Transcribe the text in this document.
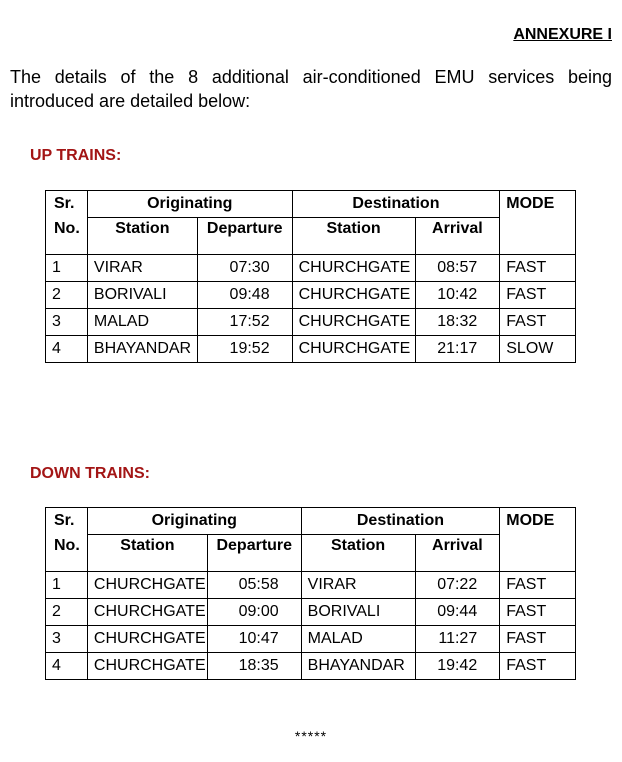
ANNEXURE I
The details of the 8 additional air-conditioned EMU services being introduced are detailed below:
UP TRAINS:
Sr.	Originating		Destination		MODE
No.	Station	Departure	Station	Arrival	
1	VIRAR	07:30	CHURCHGATE	08:57	FAST
2	BORIVALI	09:48	CHURCHGATE	10:42	FAST
3	MALAD	17:52	CHURCHGATE	18:32	FAST
4	BHAYANDAR	19:52	CHURCHGATE	21:17	SLOW
DOWN TRAINS:
Sr.	Originating		Destination		MODE
No.	Station	Departure	Station	Arrival	
1	CHURCHGATE	05:58	VIRAR	07:22	FAST
2	CHURCHGATE	09:00	BORIVALI	09:44	FAST
3	CHURCHGATE	10:47	MALAD	11:27	FAST
4	CHURCHGATE	18:35	BHAYANDAR	19:42	FAST
*****
